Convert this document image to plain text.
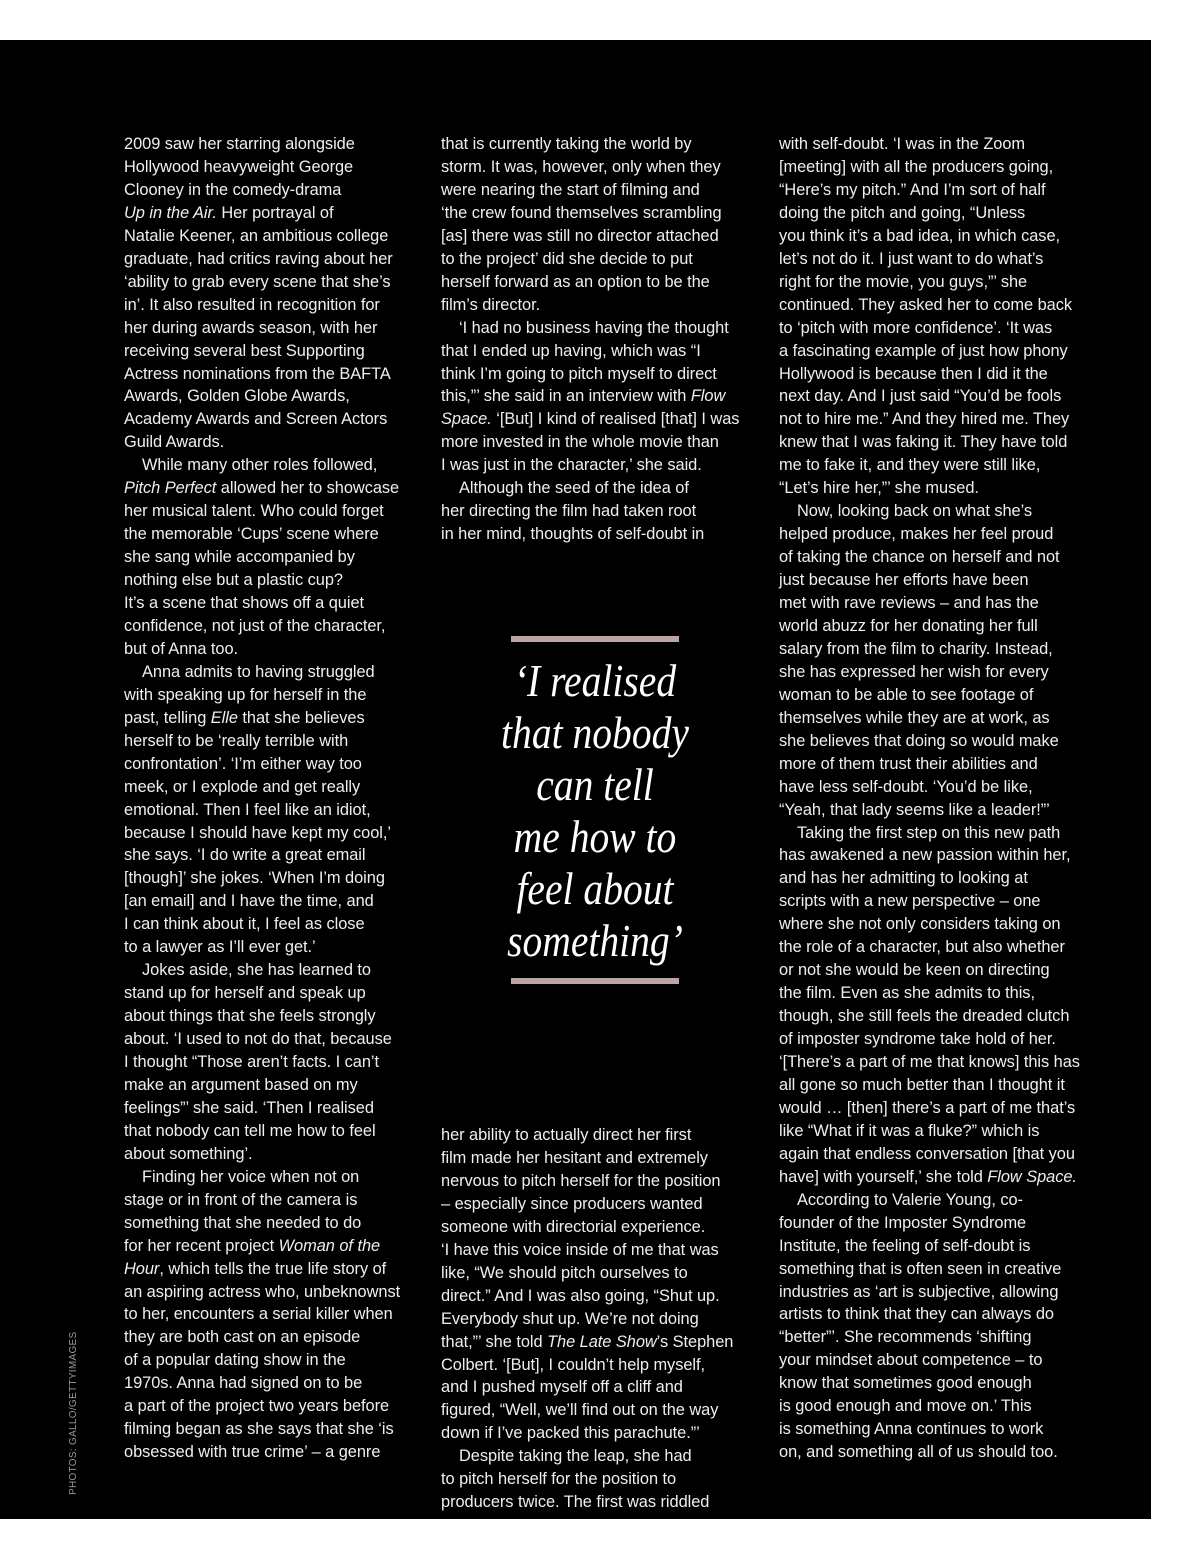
2009 saw her starring alongside
Hollywood heavyweight George
Clooney in the comedy-drama
Up in the Air. Her portrayal of
Natalie Keener, an ambitious college
graduate, had critics raving about her
‘ability to grab every scene that she’s
in’. It also resulted in recognition for
her during awards season, with her
receiving several best Supporting
Actress nominations from the BAFTA
Awards, Golden Globe Awards,
Academy Awards and Screen Actors
Guild Awards.
While many other roles followed,
Pitch Perfect allowed her to showcase
her musical talent. Who could forget
the memorable ‘Cups’ scene where
she sang while accompanied by
nothing else but a plastic cup?
It’s a scene that shows off a quiet
confidence, not just of the character,
but of Anna too.
Anna admits to having struggled
with speaking up for herself in the
past, telling Elle that she believes
herself to be ‘really terrible with
confrontation’. ‘I’m either way too
meek, or I explode and get really
emotional. Then I feel like an idiot,
because I should have kept my cool,’
she says. ‘I do write a great email
[though]’ she jokes. ‘When I’m doing
[an email] and I have the time, and
I can think about it, I feel as close
to a lawyer as I’ll ever get.’
Jokes aside, she has learned to
stand up for herself and speak up
about things that she feels strongly
about. ‘I used to not do that, because
I thought “Those aren’t facts. I can’t
make an argument based on my
feelings”’ she said. ‘Then I realised
that nobody can tell me how to feel
about something’.
Finding her voice when not on
stage or in front of the camera is
something that she needed to do
for her recent project Woman of the
Hour, which tells the true life story of
an aspiring actress who, unbeknownst
to her, encounters a serial killer when
they are both cast on an episode
of a popular dating show in the
1970s. Anna had signed on to be
a part of the project two years before
filming began as she says that she ‘is
obsessed with true crime’ – a genre
that is currently taking the world by
storm. It was, however, only when they
were nearing the start of filming and
‘the crew found themselves scrambling
[as] there was still no director attached
to the project’ did she decide to put
herself forward as an option to be the
film’s director.
‘I had no business having the thought
that I ended up having, which was “I
think I’m going to pitch myself to direct
this,”’ she said in an interview with Flow
Space. ‘[But] I kind of realised [that] I was
more invested in the whole movie than
I was just in the character,’ she said.
Although the seed of the idea of
her directing the film had taken root
in her mind, thoughts of self-doubt in
her ability to actually direct her first
film made her hesitant and extremely
nervous to pitch herself for the position
– especially since producers wanted
someone with directorial experience.
‘I have this voice inside of me that was
like, “We should pitch ourselves to
direct.” And I was also going, “Shut up.
Everybody shut up. We’re not doing
that,”’ she told The Late Show’s Stephen
Colbert. ‘[But], I couldn’t help myself,
and I pushed myself off a cliff and
figured, “Well, we’ll find out on the way
down if I’ve packed this parachute.”’
Despite taking the leap, she had
to pitch herself for the position to
producers twice. The first was riddled
with self-doubt. ‘I was in the Zoom
[meeting] with all the producers going,
“Here’s my pitch.” And I’m sort of half
doing the pitch and going, “Unless
you think it’s a bad idea, in which case,
let’s not do it. I just want to do what’s
right for the movie, you guys,”’ she
continued. They asked her to come back
to ‘pitch with more confidence’. ‘It was
a fascinating example of just how phony
Hollywood is because then I did it the
next day. And I just said “You’d be fools
not to hire me.” And they hired me. They
knew that I was faking it. They have told
me to fake it, and they were still like,
“Let’s hire her,”’ she mused.
Now, looking back on what she’s
helped produce, makes her feel proud
of taking the chance on herself and not
just because her efforts have been
met with rave reviews – and has the
world abuzz for her donating her full
salary from the film to charity. Instead,
she has expressed her wish for every
woman to be able to see footage of
themselves while they are at work, as
she believes that doing so would make
more of them trust their abilities and
have less self-doubt. ‘You’d be like,
“Yeah, that lady seems like a leader!”’
Taking the first step on this new path
has awakened a new passion within her,
and has her admitting to looking at
scripts with a new perspective – one
where she not only considers taking on
the role of a character, but also whether
or not she would be keen on directing
the film. Even as she admits to this,
though, she still feels the dreaded clutch
of imposter syndrome take hold of her.
‘[There’s a part of me that knows] this has
all gone so much better than I thought it
would … [then] there’s a part of me that’s
like “What if it was a fluke?” which is
again that endless conversation [that you
have] with yourself,’ she told Flow Space.
According to Valerie Young, co-
founder of the Imposter Syndrome
Institute, the feeling of self-doubt is
something that is often seen in creative
industries as ‘art is subjective, allowing
artists to think that they can always do
“better”’. She recommends ‘shifting
your mindset about competence – to
know that sometimes good enough
is good enough and move on.’ This
is something Anna continues to work
on, and something all of us should too.
‘I realised
that nobody
can tell
me how to
feel about
something’
PHOTOS: GALLO/GETTYIMAGES
